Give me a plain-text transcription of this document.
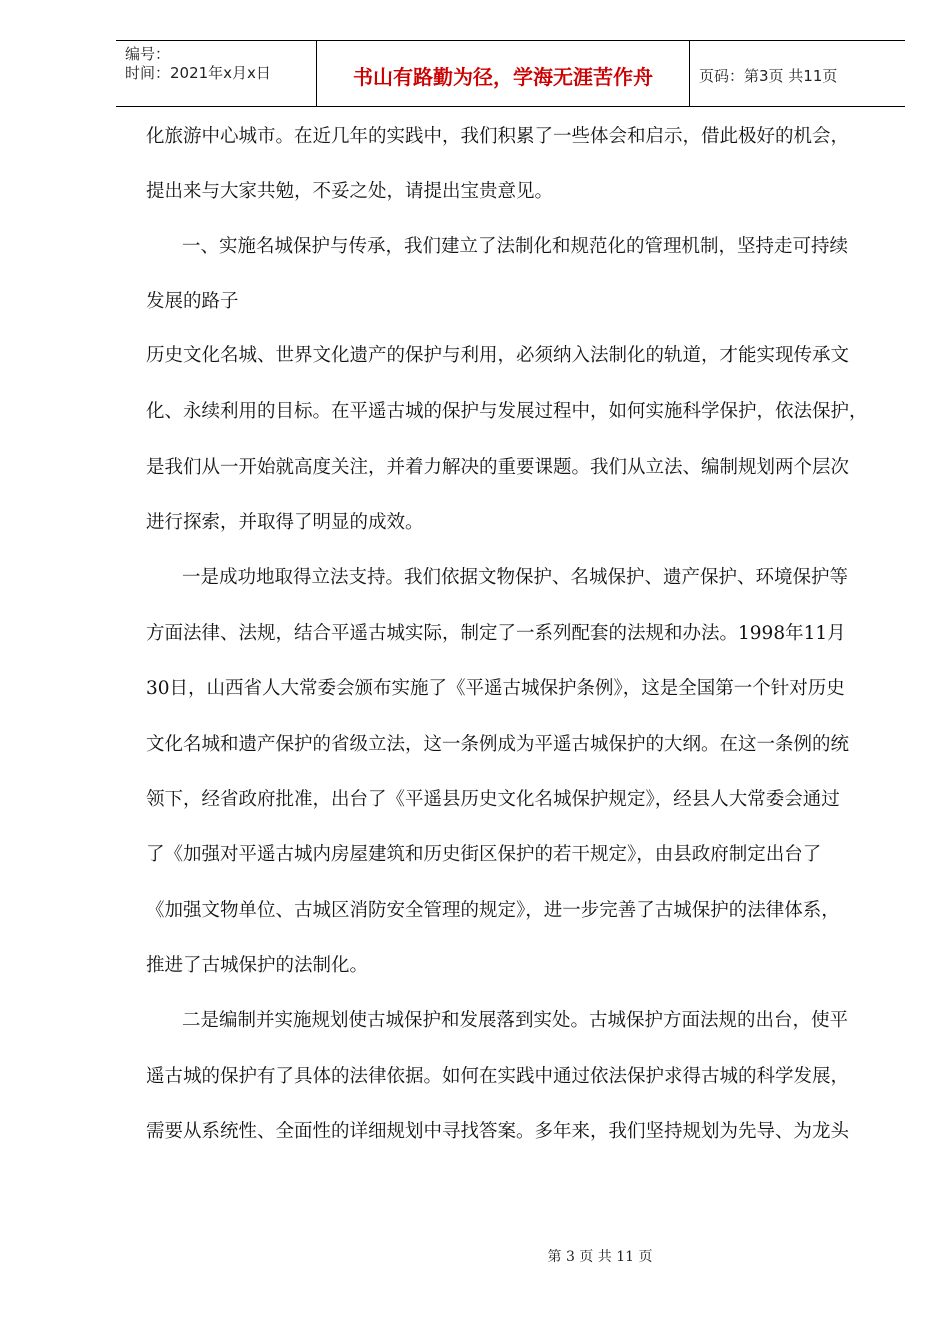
编号：
时间：2021年x月x日	书山有路勤为径，学海无涯苦作舟	页码：第3页 共11页
化旅游中心城市。在近几年的实践中，我们积累了一些体会和启示，借此极好的机会，
提出来与大家共勉，不妥之处，请提出宝贵意见。
一、实施名城保护与传承，我们建立了法制化和规范化的管理机制，坚持走可持续
发展的路子
历史文化名城、世界文化遗产的保护与利用，必须纳入法制化的轨道，才能实现传承文
化、永续利用的目标。在平遥古城的保护与发展过程中，如何实施科学保护，依法保护，
是我们从一开始就高度关注，并着力解决的重要课题。我们从立法、编制规划两个层次
进行探索，并取得了明显的成效。
一是成功地取得立法支持。我们依据文物保护、名城保护、遗产保护、环境保护等
方面法律、法规，结合平遥古城实际，制定了一系列配套的法规和办法。1998年11月
30日，山西省人大常委会颁布实施了《平遥古城保护条例》，这是全国第一个针对历史
文化名城和遗产保护的省级立法，这一条例成为平遥古城保护的大纲。在这一条例的统
领下，经省政府批准，出台了《平遥县历史文化名城保护规定》，经县人大常委会通过
了《加强对平遥古城内房屋建筑和历史街区保护的若干规定》，由县政府制定出台了
《加强文物单位、古城区消防安全管理的规定》，进一步完善了古城保护的法律体系，
推进了古城保护的法制化。
二是编制并实施规划使古城保护和发展落到实处。古城保护方面法规的出台，使平
遥古城的保护有了具体的法律依据。如何在实践中通过依法保护求得古城的科学发展，
需要从系统性、全面性的详细规划中寻找答案。多年来，我们坚持规划为先导、为龙头
第 3 页 共 11 页
